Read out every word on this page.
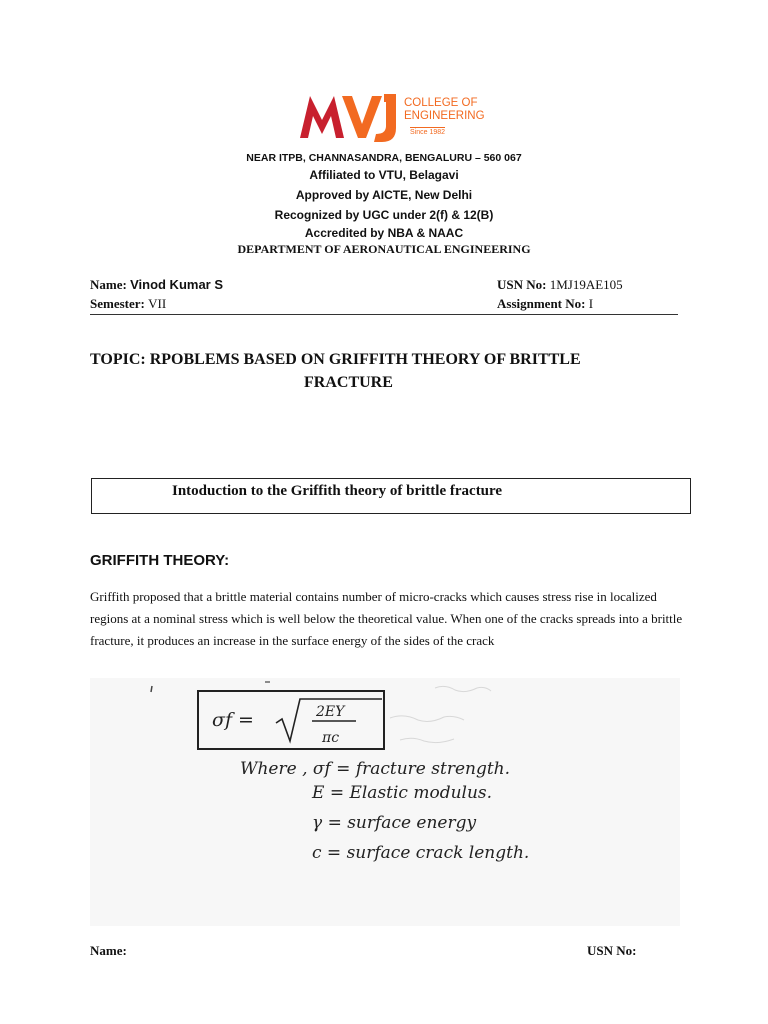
COLLEGE OF
ENGINEERING
Since 1982
NEAR ITPB, CHANNASANDRA, BENGALURU – 560 067
Affiliated to VTU, Belagavi
Approved by AICTE, New Delhi
Recognized by UGC under 2(f) & 12(B)
Accredited by NBA & NAAC
DEPARTMENT OF AERONAUTICAL ENGINEERING
Name: Vinod Kumar S
Semester: VII
USN No: 1MJ19AE105
Assignment No: I
TOPIC: RPOBLEMS BASED ON GRIFFITH THEORY OF BRITTLE
FRACTURE
Intoduction to the Griffith theory of brittle fracture
GRIFFITH THEORY:
Griffith proposed that a brittle material contains number of micro-cracks which causes stress rise in localized regions at a nominal stress which is well below the theoretical value. When one of the cracks spreads into a brittle fracture, it produces an increase in the surface energy of the sides of the crack
σf =	2EY
πc
Where , σf = fracture strength.
E = Elastic modulus.
γ = surface energy
c = surface crack length.
Name:	USN No:
